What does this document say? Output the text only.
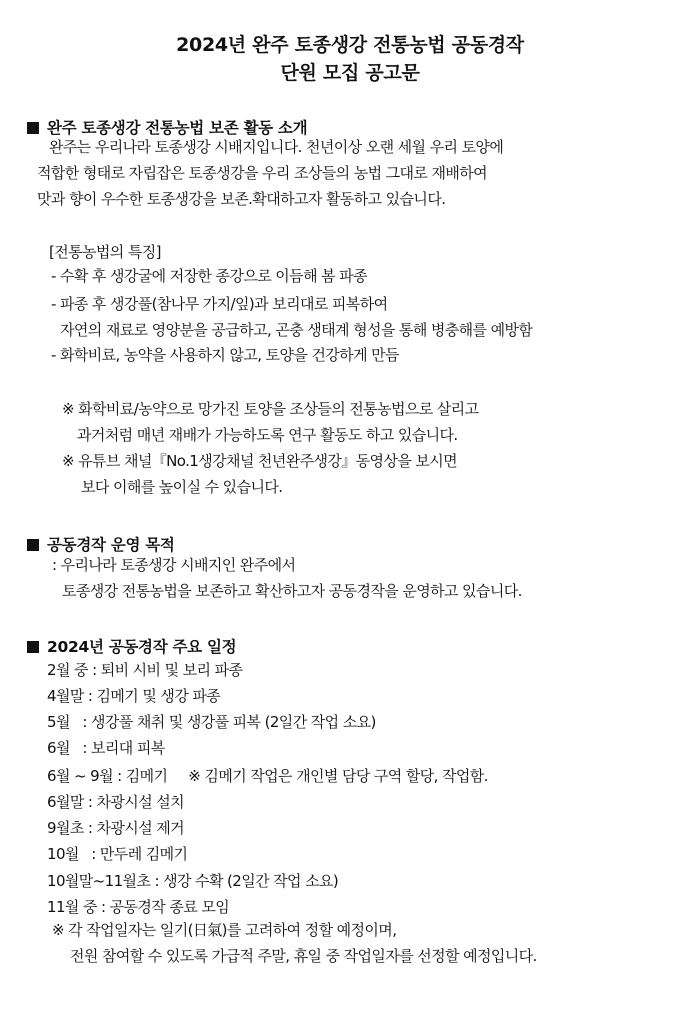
2024년 완주 토종생강 전통농법 공동경작
단원 모집 공고문
완주 토종생강 전통농법 보존 활동 소개
완주는 우리나라 토종생강 시배지입니다. 천년이상 오랜 세월 우리 토양에
적합한 형태로 자립잡은 토종생강을 우리 조상들의 농법 그대로 재배하여
맛과 향이 우수한 토종생강을 보존.확대하고자 활동하고 있습니다.
[전통농법의 특징]
- 수확 후 생강굴에 저장한 종강으로 이듬해 봄 파종
- 파종 후 생강풀(참나무 가지/잎)과 보리대로 피복하여
자연의 재료로 영양분을 공급하고, 곤충 생태계 형성을 통해 병충해를 예방함
- 화학비료, 농약을 사용하지 않고, 토양을 건강하게 만듬
※ 화학비료/농약으로 망가진 토양을 조상들의 전통농법으로 살리고
과거처럼 매년 재배가 가능하도록 연구 활동도 하고 있습니다.
※ 유튜브 채널『No.1생강채널 천년완주생강』동영상을 보시면
보다 이해를 높이실 수 있습니다.
공동경작 운영 목적
: 우리나라 토종생강 시배지인 완주에서
토종생강 전통농법을 보존하고 확산하고자 공동경작을 운영하고 있습니다.
2024년 공동경작 주요 일정
2월 중 : 퇴비 시비 및 보리 파종
4월말 : 김메기 및 생강 파종
5월   : 생강풀 채취 및 생강풀 피복 (2일간 작업 소요)
6월   : 보리대 피복
6월 ~ 9월 : 김메기     ※ 김메기 작업은 개인별 담당 구역 할당, 작업함.
6월말 : 차광시설 설치
9월초 : 차광시설 제거
10월   : 만두레 김메기
10월말~11월초 : 생강 수확 (2일간 작업 소요)
11월 중 : 공동경작 종료 모임
※ 각 작업일자는 일기(日氣)를 고려하여 정할 예정이며,
전원 참여할 수 있도록 가급적 주말, 휴일 중 작업일자를 선정할 예정입니다.
